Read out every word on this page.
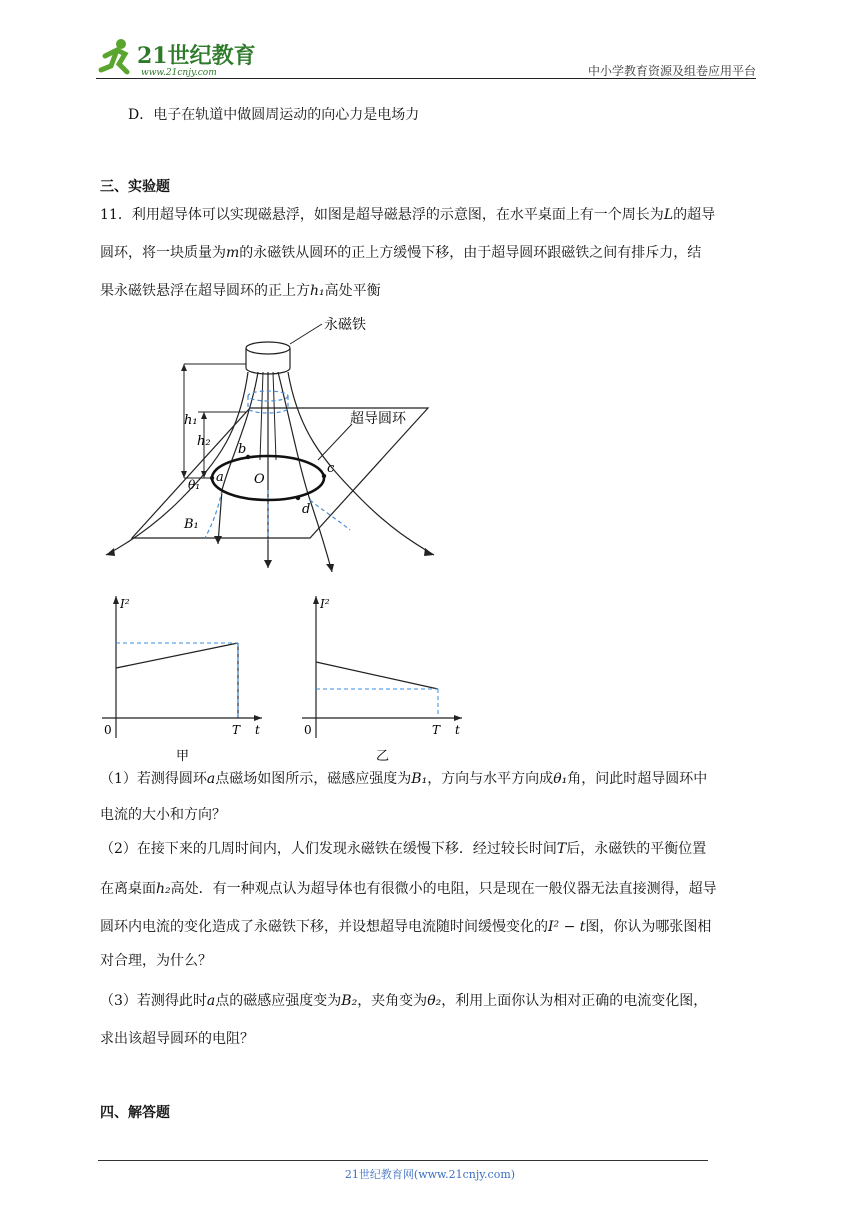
21世纪教育
www.21cnjy.com	中小学教育资源及组卷应用平台
D．电子在轨道中做圆周运动的向心力是电场力
三、实验题
11．利用超导体可以实现磁悬浮，如图是超导磁悬浮的示意图，在水平桌面上有一个周长为L的超导
圆环，将一块质量为m的永磁铁从圆环的正上方缓慢下移，由于超导圆环跟磁铁之间有排斥力，结
果永磁铁悬浮在超导圆环的正上方h₁高处平衡
永磁铁
超导圆环
a
b
c
d
O
h₁
h₂
θ₁
B₁
I²
0	T t
甲
I²
0	T t
乙
（1）若测得圆环a点磁场如图所示，磁感应强度为B₁，方向与水平方向成θ₁角，问此时超导圆环中
电流的大小和方向？
（2）在接下来的几周时间内，人们发现永磁铁在缓慢下移．经过较长时间T后，永磁铁的平衡位置
在离桌面h₂高处．有一种观点认为超导体也有很微小的电阻，只是现在一般仪器无法直接测得，超导
圆环内电流的变化造成了永磁铁下移，并设想超导电流随时间缓慢变化的I² − t图，你认为哪张图相
对合理，为什么？
（3）若测得此时a点的磁感应强度变为B₂，夹角变为θ₂，利用上面你认为相对正确的电流变化图，
求出该超导圆环的电阻？
四、解答题
21世纪教育网(www.21cnjy.com)
